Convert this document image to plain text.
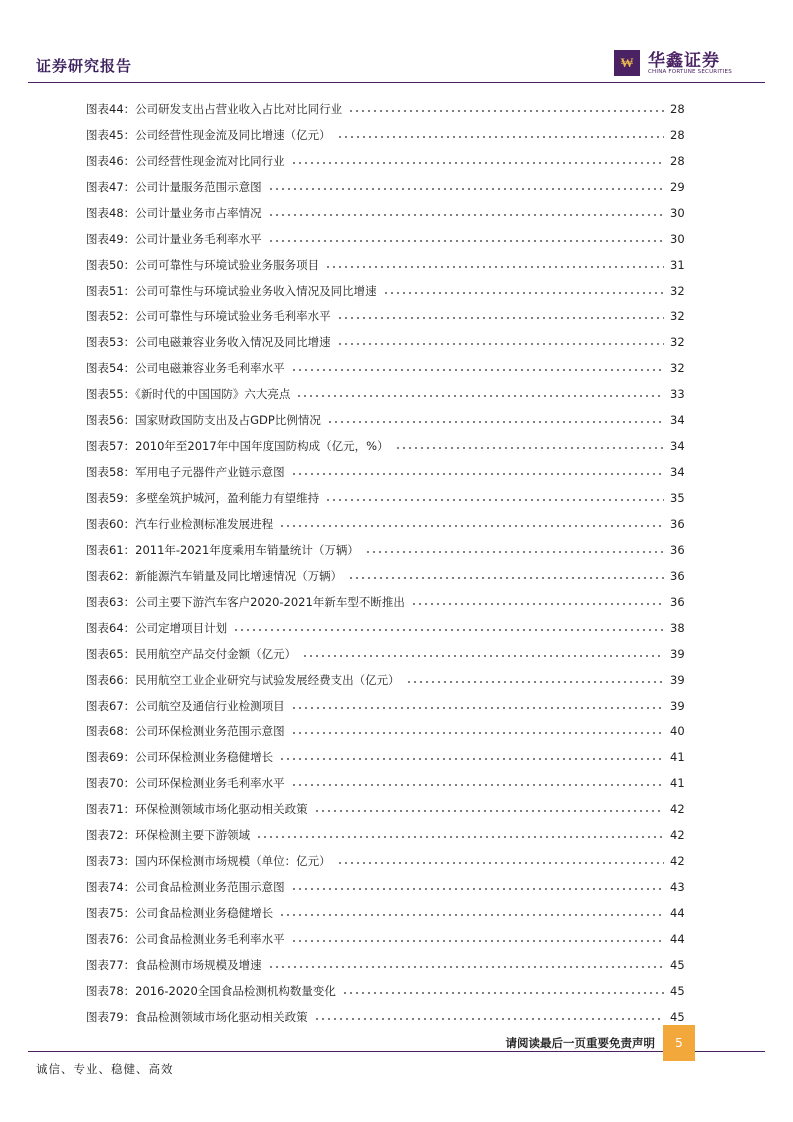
证券研究报告	₩ 华鑫证券
CHINA FORTUNE SECURITIES
图表44：公司研发支出占营业收入占比对比同行业	28
图表45：公司经营性现金流及同比增速（亿元）	28
图表46：公司经营性现金流对比同行业	28
图表47：公司计量服务范围示意图	29
图表48：公司计量业务市占率情况	30
图表49：公司计量业务毛利率水平	30
图表50：公司可靠性与环境试验业务服务项目	31
图表51：公司可靠性与环境试验业务收入情况及同比增速	32
图表52：公司可靠性与环境试验业务毛利率水平	32
图表53：公司电磁兼容业务收入情况及同比增速	32
图表54：公司电磁兼容业务毛利率水平	32
图表55：《新时代的中国国防》六大亮点	33
图表56：国家财政国防支出及占GDP比例情况	34
图表57：2010年至2017年中国年度国防构成（亿元，%）	34
图表58：军用电子元器件产业链示意图	34
图表59：多壁垒筑护城河，盈利能力有望维持	35
图表60：汽车行业检测标准发展进程	36
图表61：2011年-2021年度乘用车销量统计（万辆）	36
图表62：新能源汽车销量及同比增速情况（万辆）	36
图表63：公司主要下游汽车客户2020-2021年新车型不断推出	36
图表64：公司定增项目计划	38
图表65：民用航空产品交付金额（亿元）	39
图表66：民用航空工业企业研究与试验发展经费支出（亿元）	39
图表67：公司航空及通信行业检测项目	39
图表68：公司环保检测业务范围示意图	40
图表69：公司环保检测业务稳健增长	41
图表70：公司环保检测业务毛利率水平	41
图表71：环保检测领域市场化驱动相关政策	42
图表72：环保检测主要下游领域	42
图表73：国内环保检测市场规模（单位：亿元）	42
图表74：公司食品检测业务范围示意图	43
图表75：公司食品检测业务稳健增长	44
图表76：公司食品检测业务毛利率水平	44
图表77：食品检测市场规模及增速	45
图表78：2016-2020全国食品检测机构数量变化	45
图表79：食品检测领域市场化驱动相关政策	45
请阅读最后一页重要免责声明	5
诚信、专业、稳健、高效
